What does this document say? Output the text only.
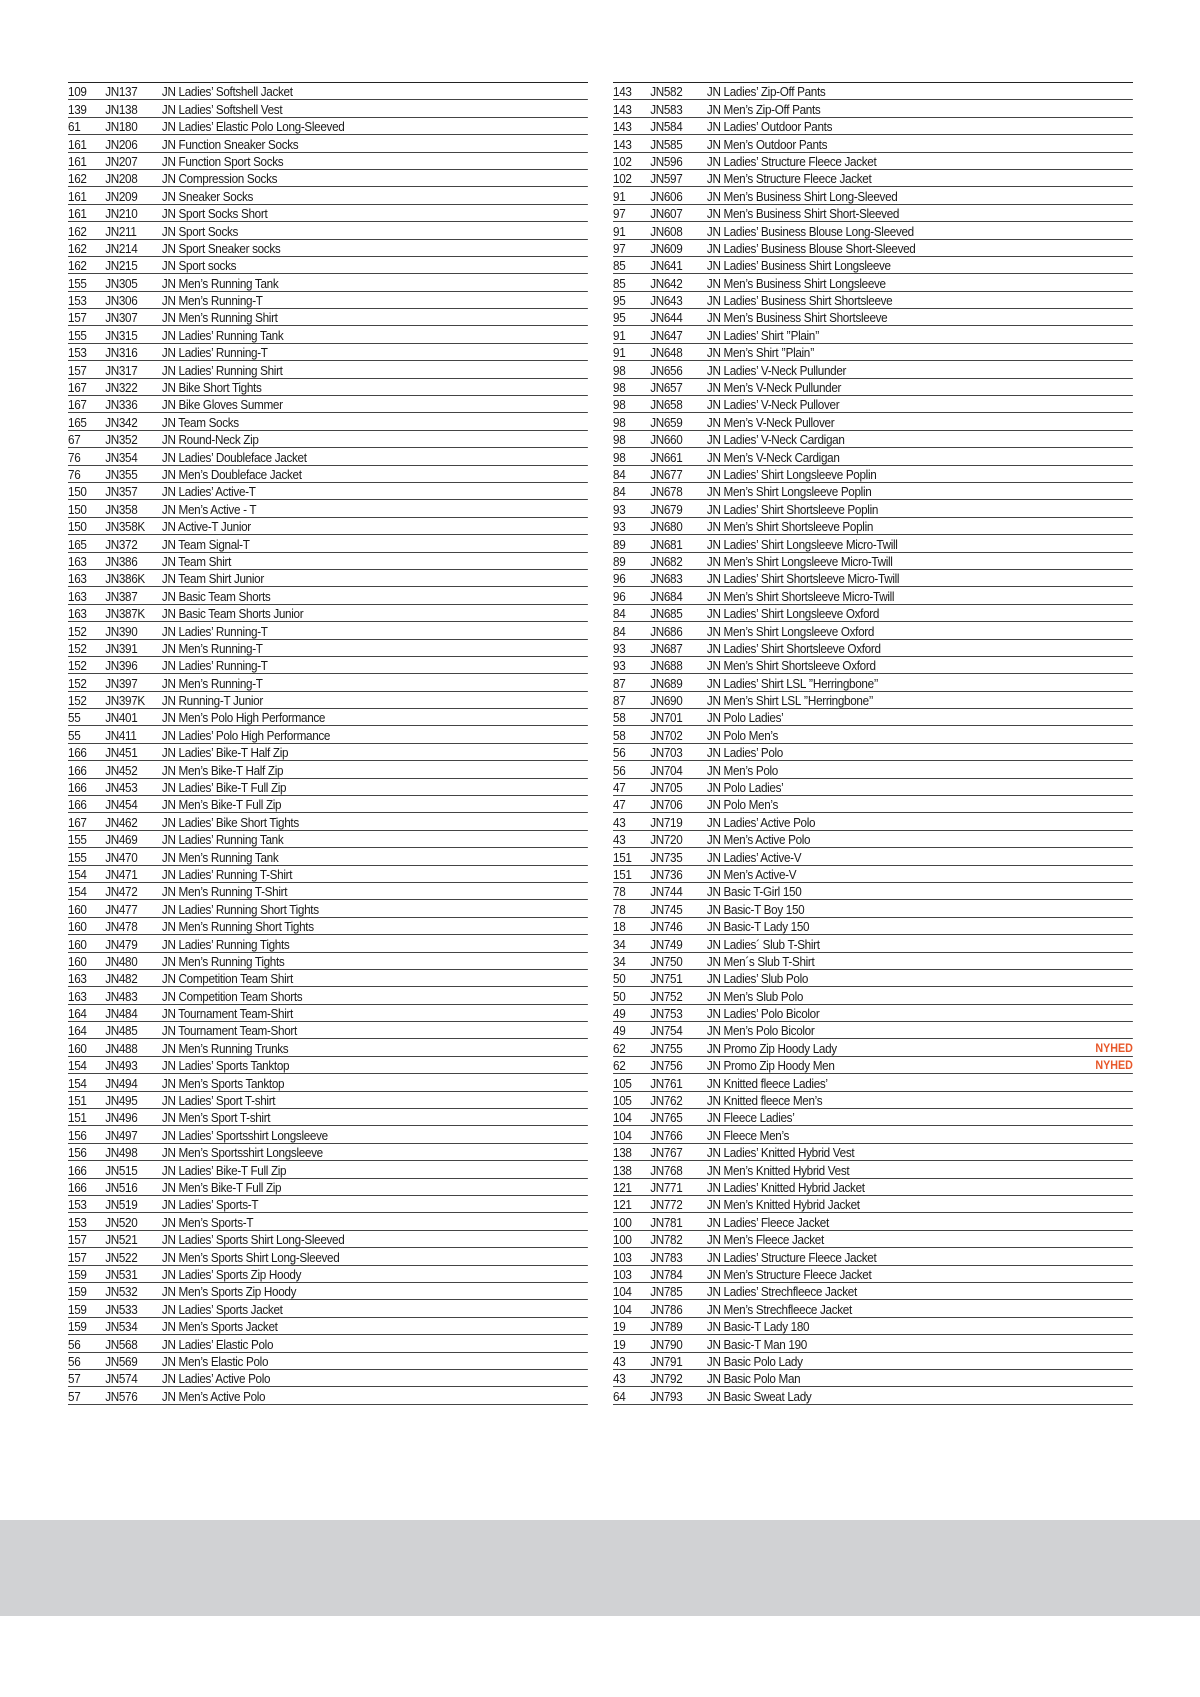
109	JN137	JN Ladies’ Softshell Jacket
139	JN138	JN Ladies’ Softshell Vest
61	JN180	JN Ladies’ Elastic Polo Long-Sleeved
161	JN206	JN Function Sneaker Socks
161	JN207	JN Function Sport Socks
162	JN208	JN Compression Socks
161	JN209	JN Sneaker Socks
161	JN210	JN Sport Socks Short
162	JN211	JN Sport Socks
162	JN214	JN Sport Sneaker socks
162	JN215	JN Sport socks
155	JN305	JN Men’s Running Tank
153	JN306	JN Men’s Running-T
157	JN307	JN Men’s Running Shirt
155	JN315	JN Ladies’ Running Tank
153	JN316	JN Ladies’ Running-T
157	JN317	JN Ladies’ Running Shirt
167	JN322	JN Bike Short Tights
167	JN336	JN Bike Gloves Summer
165	JN342	JN Team Socks
67	JN352	JN Round-Neck Zip
76	JN354	JN Ladies’ Doubleface Jacket
76	JN355	JN Men’s Doubleface Jacket
150	JN357	JN Ladies’ Active-T
150	JN358	JN Men’s Active - T
150	JN358K	JN Active-T Junior
165	JN372	JN Team Signal-T
163	JN386	JN Team Shirt
163	JN386K	JN Team Shirt Junior
163	JN387	JN Basic Team Shorts
163	JN387K	JN Basic Team Shorts Junior
152	JN390	JN Ladies’ Running-T
152	JN391	JN Men’s Running-T
152	JN396	JN Ladies’ Running-T
152	JN397	JN Men’s Running-T
152	JN397K	JN Running-T Junior
55	JN401	JN Men’s Polo High Performance
55	JN411	JN Ladies’ Polo High Performance
166	JN451	JN Ladies’ Bike-T Half Zip
166	JN452	JN Men’s Bike-T Half Zip
166	JN453	JN Ladies’ Bike-T Full Zip
166	JN454	JN Men’s Bike-T Full Zip
167	JN462	JN Ladies’ Bike Short Tights
155	JN469	JN Ladies’ Running Tank
155	JN470	JN Men’s Running Tank
154	JN471	JN Ladies’ Running T-Shirt
154	JN472	JN Men’s Running T-Shirt
160	JN477	JN Ladies’ Running Short Tights
160	JN478	JN Men’s Running Short Tights
160	JN479	JN Ladies’ Running Tights
160	JN480	JN Men’s Running Tights
163	JN482	JN Competition Team Shirt
163	JN483	JN Competition Team Shorts
164	JN484	JN Tournament Team-Shirt
164	JN485	JN Tournament Team-Short
160	JN488	JN Men’s Running Trunks
154	JN493	JN Ladies’ Sports Tanktop
154	JN494	JN Men’s Sports Tanktop
151	JN495	JN Ladies’ Sport T-shirt
151	JN496	JN Men’s Sport T-shirt
156	JN497	JN Ladies’ Sportsshirt Longsleeve
156	JN498	JN Men’s Sportsshirt Longsleeve
166	JN515	JN Ladies’ Bike-T Full Zip
166	JN516	JN Men’s Bike-T Full Zip
153	JN519	JN Ladies’ Sports-T
153	JN520	JN Men’s Sports-T
157	JN521	JN Ladies’ Sports Shirt Long-Sleeved
157	JN522	JN Men’s Sports Shirt Long-Sleeved
159	JN531	JN Ladies’ Sports Zip Hoody
159	JN532	JN Men’s Sports Zip Hoody
159	JN533	JN Ladies’ Sports Jacket
159	JN534	JN Men’s Sports Jacket
56	JN568	JN Ladies’ Elastic Polo
56	JN569	JN Men’s Elastic Polo
57	JN574	JN Ladies’ Active Polo
57	JN576	JN Men’s Active Polo
143	JN582	JN Ladies’ Zip-Off Pants
143	JN583	JN Men’s Zip-Off Pants
143	JN584	JN Ladies’ Outdoor Pants
143	JN585	JN Men’s Outdoor Pants
102	JN596	JN Ladies’ Structure Fleece Jacket
102	JN597	JN Men’s Structure Fleece Jacket
91	JN606	JN Men’s Business Shirt Long-Sleeved
97	JN607	JN Men’s Business Shirt Short-Sleeved
91	JN608	JN Ladies’ Business Blouse Long-Sleeved
97	JN609	JN Ladies’ Business Blouse Short-Sleeved
85	JN641	JN Ladies’ Business Shirt Longsleeve
85	JN642	JN Men’s Business Shirt Longsleeve
95	JN643	JN Ladies’ Business Shirt Shortsleeve
95	JN644	JN Men’s Business Shirt Shortsleeve
91	JN647	JN Ladies’ Shirt ’’Plain’’
91	JN648	JN Men’s Shirt ’’Plain’’
98	JN656	JN Ladies’ V-Neck Pullunder
98	JN657	JN Men’s V-Neck Pullunder
98	JN658	JN Ladies’ V-Neck Pullover
98	JN659	JN Men’s V-Neck Pullover
98	JN660	JN Ladies’ V-Neck Cardigan
98	JN661	JN Men’s V-Neck Cardigan
84	JN677	JN Ladies’ Shirt Longsleeve Poplin
84	JN678	JN Men’s Shirt Longsleeve Poplin
93	JN679	JN Ladies’ Shirt Shortsleeve Poplin
93	JN680	JN Men’s Shirt Shortsleeve Poplin
89	JN681	JN Ladies’ Shirt Longsleeve Micro-Twill
89	JN682	JN Men’s Shirt Longsleeve Micro-Twill
96	JN683	JN Ladies’ Shirt Shortsleeve Micro-Twill
96	JN684	JN Men’s Shirt Shortsleeve Micro-Twill
84	JN685	JN Ladies’ Shirt Longsleeve Oxford
84	JN686	JN Men’s Shirt Longsleeve Oxford
93	JN687	JN Ladies’ Shirt Shortsleeve Oxford
93	JN688	JN Men’s Shirt Shortsleeve Oxford
87	JN689	JN Ladies’ Shirt LSL ’’Herringbone’’
87	JN690	JN Men’s Shirt LSL ’’Herringbone’’
58	JN701	JN Polo Ladies’
58	JN702	JN Polo Men’s
56	JN703	JN Ladies’ Polo
56	JN704	JN Men’s Polo
47	JN705	JN Polo Ladies’
47	JN706	JN Polo Men’s
43	JN719	JN Ladies’ Active Polo
43	JN720	JN Men’s Active Polo
151	JN735	JN Ladies’ Active-V
151	JN736	JN Men’s Active-V
78	JN744	JN Basic T-Girl 150
78	JN745	JN Basic-T Boy 150
18	JN746	JN Basic-T Lady 150
34	JN749	JN Ladies´ Slub T-Shirt
34	JN750	JN Men´s Slub T-Shirt
50	JN751	JN Ladies’ Slub Polo
50	JN752	JN Men’s Slub Polo
49	JN753	JN Ladies’ Polo Bicolor
49	JN754	JN Men’s Polo Bicolor
62	JN755	JN Promo Zip Hoody Lady	NYHED
62	JN756	JN Promo Zip Hoody Men	NYHED
105	JN761	JN Knitted fleece Ladies’
105	JN762	JN Knitted fleece Men’s
104	JN765	JN Fleece Ladies’
104	JN766	JN Fleece Men’s
138	JN767	JN Ladies’ Knitted Hybrid Vest
138	JN768	JN Men’s Knitted Hybrid Vest
121	JN771	JN Ladies’ Knitted Hybrid Jacket
121	JN772	JN Men’s Knitted Hybrid Jacket
100	JN781	JN Ladies’ Fleece Jacket
100	JN782	JN Men’s Fleece Jacket
103	JN783	JN Ladies’ Structure Fleece Jacket
103	JN784	JN Men’s Structure Fleece Jacket
104	JN785	JN Ladies’ Strechfleece Jacket
104	JN786	JN Men’s Strechfleece Jacket
19	JN789	JN Basic-T Lady 180
19	JN790	JN Basic-T Man 190
43	JN791	JN Basic Polo Lady
43	JN792	JN Basic Polo Man
64	JN793	JN Basic Sweat Lady
